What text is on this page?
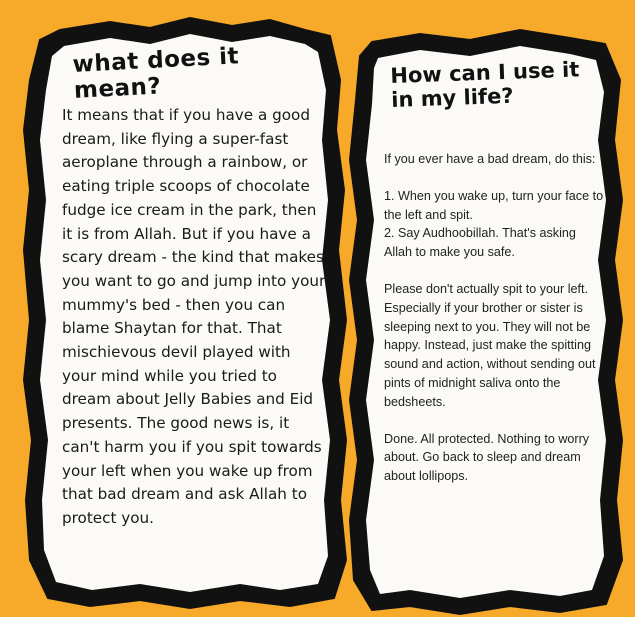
what does it mean?

It means that if you have a good dream, like flying a super-fast aeroplane through a rainbow, or eating triple scoops of chocolate fudge ice cream in the park, then it is from Allah. But if you have a scary dream - the kind that makes you want to go and jump into your mummy's bed - then you can blame Shaytan for that. That mischievous devil played with your mind while you tried to dream about Jelly Babies and Eid presents. The good news is, it can't harm you if you spit towards your left when you wake up from that bad dream and ask Allah to protect you.

How can I use it in my life?

If you ever have a bad dream, do this:

1. When you wake up, turn your face to the left and spit.
2. Say Audhoobillah. That's asking Allah to make you safe.

Please don't actually spit to your left. Especially if your brother or sister is sleeping next to you. They will not be happy. Instead, just make the spitting sound and action, without sending out pints of midnight saliva onto the bedsheets.

Done. All protected. Nothing to worry about. Go back to sleep and dream about lollipops.
